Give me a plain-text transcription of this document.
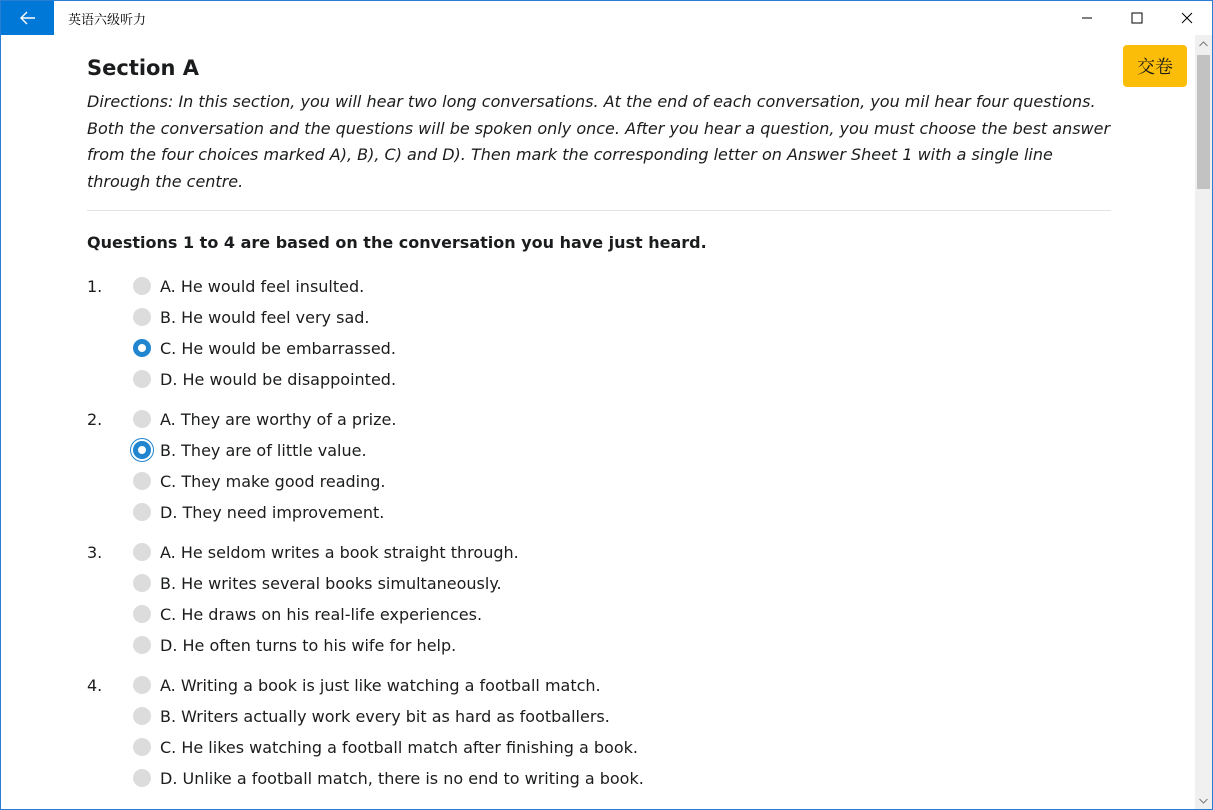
英语六级听力
交卷
Section A
Directions: In this section, you will hear two long conversations. At the end of each conversation, you mil hear four questions. Both the conversation and the questions will be spoken only once. After you hear a question, you must choose the best answer from the four choices marked A), B), C) and D). Then mark the corresponding letter on Answer Sheet 1 with a single line through the centre.
Questions 1 to 4 are based on the conversation you have just heard.
1.	A. He would feel insulted.
B. He would feel very sad.
C. He would be embarrassed.
D. He would be disappointed.
2.	A. They are worthy of a prize.
B. They are of little value.
C. They make good reading.
D. They need improvement.
3.	A. He seldom writes a book straight through.
B. He writes several books simultaneously.
C. He draws on his real-life experiences.
D. He often turns to his wife for help.
4.	A. Writing a book is just like watching a football match.
B. Writers actually work every bit as hard as footballers.
C. He likes watching a football match after finishing a book.
D. Unlike a football match, there is no end to writing a book.
